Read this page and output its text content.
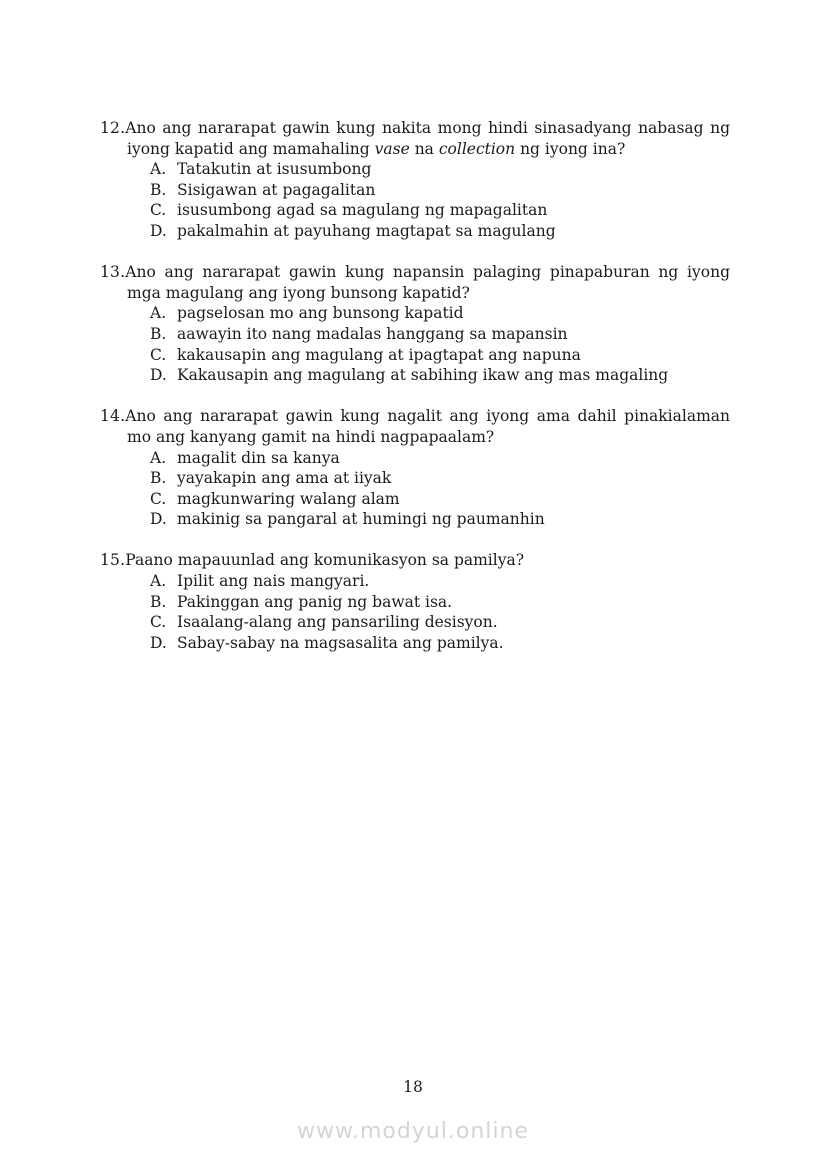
12.Ano ang nararapat gawin kung nakita mong hindi sinasadyang nabasag ng iyong kapatid ang mamahaling vase na collection ng iyong ina?

A. Tatakutin at isusumbong
B. Sisigawan at pagagalitan
C. isusumbong agad sa magulang ng mapagalitan
D. pakalmahin at payuhang magtapat sa magulang

13.Ano ang nararapat gawin kung napansin palaging pinapaburan ng iyong mga magulang ang iyong bunsong kapatid?

A. pagselosan mo ang bunsong kapatid
B. aawayin ito nang madalas hanggang sa mapansin
C. kakausapin ang magulang at ipagtapat ang napuna
D. Kakausapin ang magulang at sabihing ikaw ang mas magaling

14.Ano ang nararapat gawin kung nagalit ang iyong ama dahil pinakialaman mo ang kanyang gamit na hindi nagpapaalam?

A. magalit din sa kanya
B. yayakapin ang ama at iiyak
C. magkunwaring walang alam
D. makinig sa pangaral at humingi ng paumanhin

15.Paano mapauunlad ang komunikasyon sa pamilya?

A. Ipilit ang nais mangyari.
B. Pakinggan ang panig ng bawat isa.
C. Isaalang-alang ang pansariling desisyon.
D. Sabay-sabay na magsasalita ang pamilya.
18
www.modyul.online
